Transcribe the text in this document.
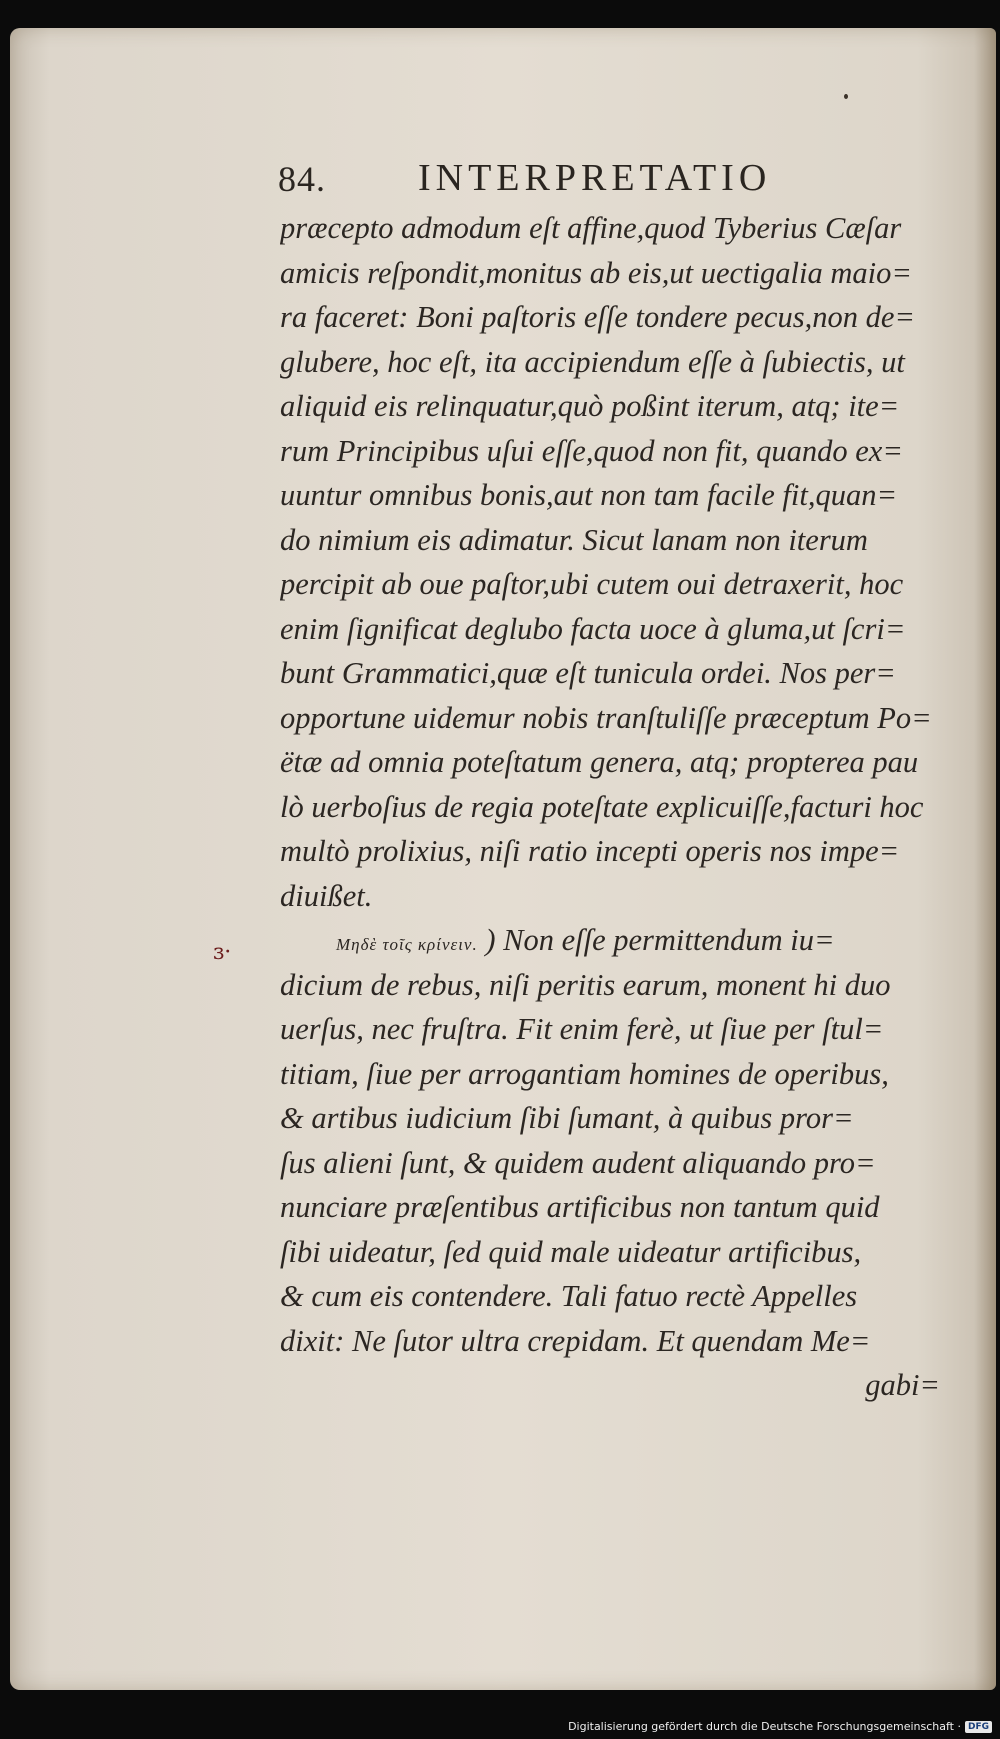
84. INTERPRETATIO
ɜ·
præcepto admodum eſt affine,quod Tyberius Cæſar
amicis reſpondit,monitus ab eis,ut uectigalia maio=
ra faceret: Boni paſtoris eſſe tondere pecus,non de=
glubere, hoc eſt, ita accipiendum eſſe à ſubiectis, ut
aliquid eis relinquatur,quò poßint iterum, atq; ite=
rum Principibus uſui eſſe,quod non fit, quando ex=
uuntur omnibus bonis,aut non tam facile fit,quan=
do nimium eis adimatur. Sicut lanam non iterum
percipit ab oue paſtor,ubi cutem oui detraxerit, hoc
enim ſignificat deglubo facta uoce à gluma,ut ſcri=
bunt Grammatici,quæ eſt tunicula ordei. Nos per=
opportune uidemur nobis tranſtuliſſe præceptum Po=
ëtæ ad omnia poteſtatum genera, atq; propterea pau
lò uerboſius de regia poteſtate explicuiſſe,facturi hoc
multò prolixius, niſi ratio incepti operis nos impe=
diuißet.
Μηδὲ τοῖς κρίνειν. ) Non eſſe permittendum iu=
dicium de rebus, niſi peritis earum, monent hi duo
uerſus, nec fruſtra. Fit enim ferè, ut ſiue per ſtul=
titiam, ſiue per arrogantiam homines de operibus,
& artibus iudicium ſibi ſumant, à quibus pror=
ſus alieni ſunt, & quidem audent aliquando pro=
nunciare præſentibus artificibus non tantum quid
ſibi uideatur, ſed quid male uideatur artificibus,
& cum eis contendere. Tali fatuo rectè Appelles
dixit: Ne ſutor ultra crepidam. Et quendam Me=
gabi=
Digitalisierung gefördert durch die Deutsche Forschungsgemeinschaft · DFG
